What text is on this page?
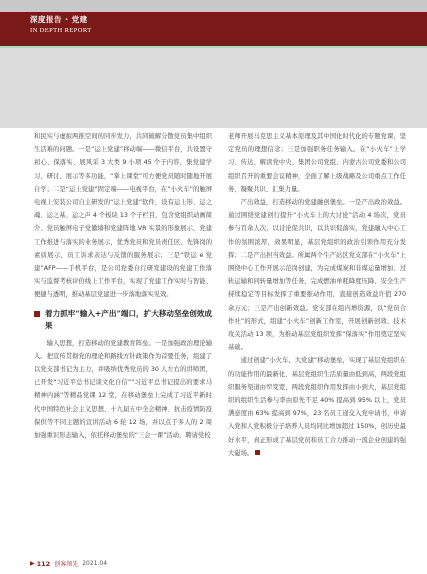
深度报告 · 党建
IN DEPTH REPORT

和民实与虚拟两推空间的同步发力，共同破解分散党员集中组织生活难的问题。一是“运上党建”移动端——微信平台，共设置守初心、保落实、展风采 3 大类 9 小项 45 个子内容，集党建学习、研讨、展示等多功能，“掌上课堂”可方便党员随时随地开展自学；二是“运上党建”固定端——电视平台，在“小火车”的触屏电视上安装公司自主研发的“运上党建”软件，设有运上形、运之魂、运之基、运之声 4 个板块 13 个子栏目，包含党组织动画简介、党员触屏电子党徽墙和党建阵地 VR 实景的形象展示，党建工作推进与落实的业务展示，优秀党员和党员责任区、先锋岗的素质展示，员工诉求表达与反馈的服务展示；三是“铁运 e 党建”AFP——手机平台，是公司党委自行研发建设的党建工作落实与监督考核评价线上工作平台，实现了党建工作实时与智能、便捷与透明，推动基层党建进一步落地落实见效。

着力抓牢“输入+产出”端口，扩大移动坚垒创效成果

输入思想，打造移动的党建教育阵垒。一是加强政治理论输入。把宣传贯彻党的理论和路线方针政策作为首要任务，组建了以党支部书记为主力，并吸纳优秀党员的 30 人左右的讲师团，已开发“习近平总书记谈文化自信”“习近平总书记提出的要求马精神内涵”等精品党课 12 堂，在移动堡垒上完成了习近平新时代中国特色社会主义思想、十九届五中全会精神、抗击疫情防疫保供等不同主题的宣讲活动 6 轮 12 场，并以点于多人的 2 周加强重识形态输入，依托移动堡垒的“三会一课”活动，聘请党校

老师开展马克思主义基本原理及其中国化时代化的专题党课，坚定党员的理想信念；三是加强职务任务输入。在“小火车”上学习、传达、解读党中央、集团公司党组、内蒙古公司党委和公司组织召开的重要会议精神，全面了解上级战略及公司重点工作任务，凝聚共识、汇集力量。

产出效益，打造移动的党建融创堡垒。一是产出政治效益。通过围绕党建创行提升“小火车上的大讨论”活动 4 场次，党员参与百余人次，以讨论促共识，以共识促落实，党建融入中心工作的氛围浓厚，效果明显，基层党组织的政治引领作用充分发挥；二是产出担当效益。所属两个生产站区党支部在“小火车”上围绕中心工作开展示范岗创建，为完成煤炭和非煤运量增加、过轨运输和同转量增加等任务，完成燃油单耗降度压降、安全生产持续稳定等目标发挥了重要推动作用，直接创造效益许值 270 余万元；三是产出创新效益。党支部在组内增资源，以“党员合作社”的形式，组建“小火车”创新工作室，开展创新创效、技术攻关活动 13 项，为推动基层党组织发挥“保落实”作用奠定坚实基础。

通过创建“小火车，大党建”移动堡垒，实现了基层党组织在的功能作用的最新化，基层党组织生活质量由低到高，两段党组织服务渠道由窄变宽，两段党组织作用发挥由小到大，基层党组织的组织生活参与率由原先不足 40% 提高到 95% 以上，党员满意度由 63% 提高到 97%，23 名员工递交入党申请书，申请入党和人党积极分子培养人员均同比增加超过 150%，创历史最好水平，真正形成了基层党员和员工合力推动一流企业创建的强大磁场。

▶ 112 创客领先 2021.04
